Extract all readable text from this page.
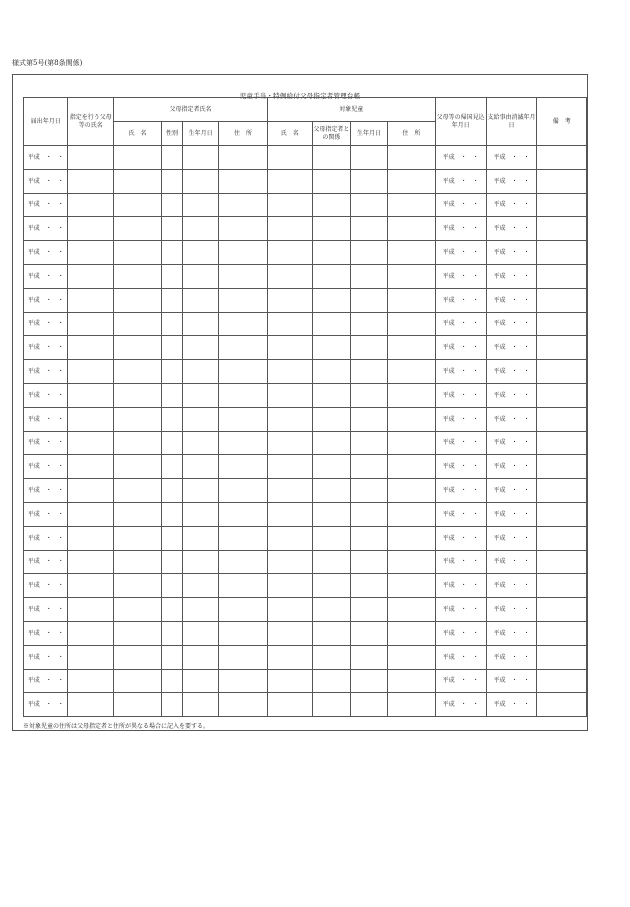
様式第5号(第8条関係)
児童手当・特例給付父母指定者管理台帳
届出年月日	指定を行う父母等の氏名	父母指定者氏名				対象児童				父母等の帰国見込年月日	支給事由消滅年月日	備　考
		氏　名	性別	生年月日	住　所	氏　名	父母指定者との関係	生年月日	住　所			
平成　・　・										平成　・　・	平成　・　・	
平成　・　・										平成　・　・	平成　・　・	
平成　・　・										平成　・　・	平成　・　・	
平成　・　・										平成　・　・	平成　・　・	
平成　・　・										平成　・　・	平成　・　・	
平成　・　・										平成　・　・	平成　・　・	
平成　・　・										平成　・　・	平成　・　・	
平成　・　・										平成　・　・	平成　・　・	
平成　・　・										平成　・　・	平成　・　・	
平成　・　・										平成　・　・	平成　・　・	
平成　・　・										平成　・　・	平成　・　・	
平成　・　・										平成　・　・	平成　・　・	
平成　・　・										平成　・　・	平成　・　・	
平成　・　・										平成　・　・	平成　・　・	
平成　・　・										平成　・　・	平成　・　・	
平成　・　・										平成　・　・	平成　・　・	
平成　・　・										平成　・　・	平成　・　・	
平成　・　・										平成　・　・	平成　・　・	
平成　・　・										平成　・　・	平成　・　・	
平成　・　・										平成　・　・	平成　・　・	
平成　・　・										平成　・　・	平成　・　・	
平成　・　・										平成　・　・	平成　・　・	
平成　・　・										平成　・　・	平成　・　・	
平成　・　・										平成　・　・	平成　・　・	
※対象児童の住所は父母指定者と住所が異なる場合に記入を要する。
